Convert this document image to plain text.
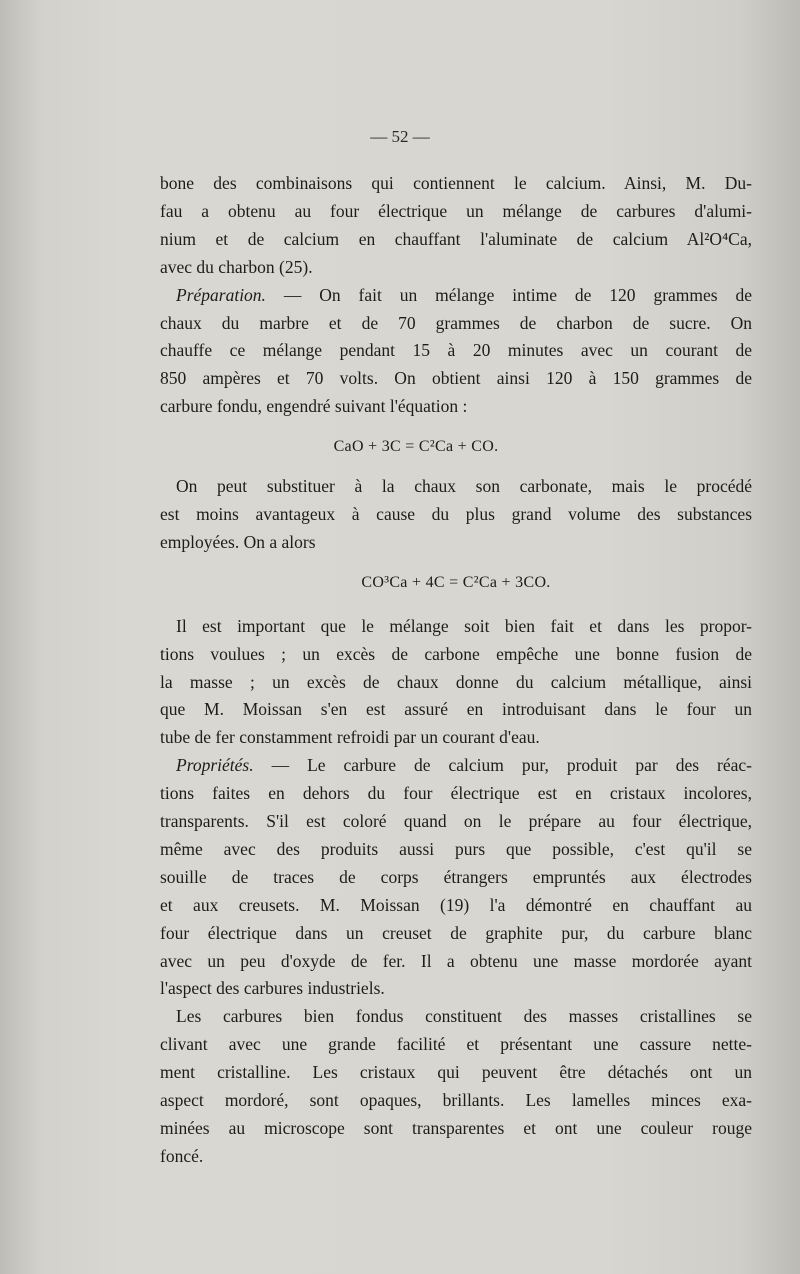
— 52 —
bone des combinaisons qui contiennent le calcium. Ainsi, M. Du-
fau a obtenu au four électrique un mélange de carbures d'alumi-
nium et de calcium en chauffant l'aluminate de calcium Al²O⁴Ca,
avec du charbon (25).
Préparation. — On fait un mélange intime de 120 grammes de
chaux du marbre et de 70 grammes de charbon de sucre. On
chauffe ce mélange pendant 15 à 20 minutes avec un courant de
850 ampères et 70 volts. On obtient ainsi 120 à 150 grammes de
carbure fondu, engendré suivant l'équation :
CaO + 3C = C²Ca + CO.
On peut substituer à la chaux son carbonate, mais le procédé
est moins avantageux à cause du plus grand volume des substances
employées. On a alors
CO³Ca + 4C = C²Ca + 3CO.
Il est important que le mélange soit bien fait et dans les propor-
tions voulues ; un excès de carbone empêche une bonne fusion de
la masse ; un excès de chaux donne du calcium métallique, ainsi
que M. Moissan s'en est assuré en introduisant dans le four un
tube de fer constamment refroidi par un courant d'eau.
Propriétés. — Le carbure de calcium pur, produit par des réac-
tions faites en dehors du four électrique est en cristaux incolores,
transparents. S'il est coloré quand on le prépare au four électrique,
même avec des produits aussi purs que possible, c'est qu'il se
souille de traces de corps étrangers empruntés aux électrodes
et aux creusets. M. Moissan (19) l'a démontré en chauffant au
four électrique dans un creuset de graphite pur, du carbure blanc
avec un peu d'oxyde de fer. Il a obtenu une masse mordorée ayant
l'aspect des carbures industriels.
Les carbures bien fondus constituent des masses cristallines se
clivant avec une grande facilité et présentant une cassure nette-
ment cristalline. Les cristaux qui peuvent être détachés ont un
aspect mordoré, sont opaques, brillants. Les lamelles minces exa-
minées au microscope sont transparentes et ont une couleur rouge
foncé.
